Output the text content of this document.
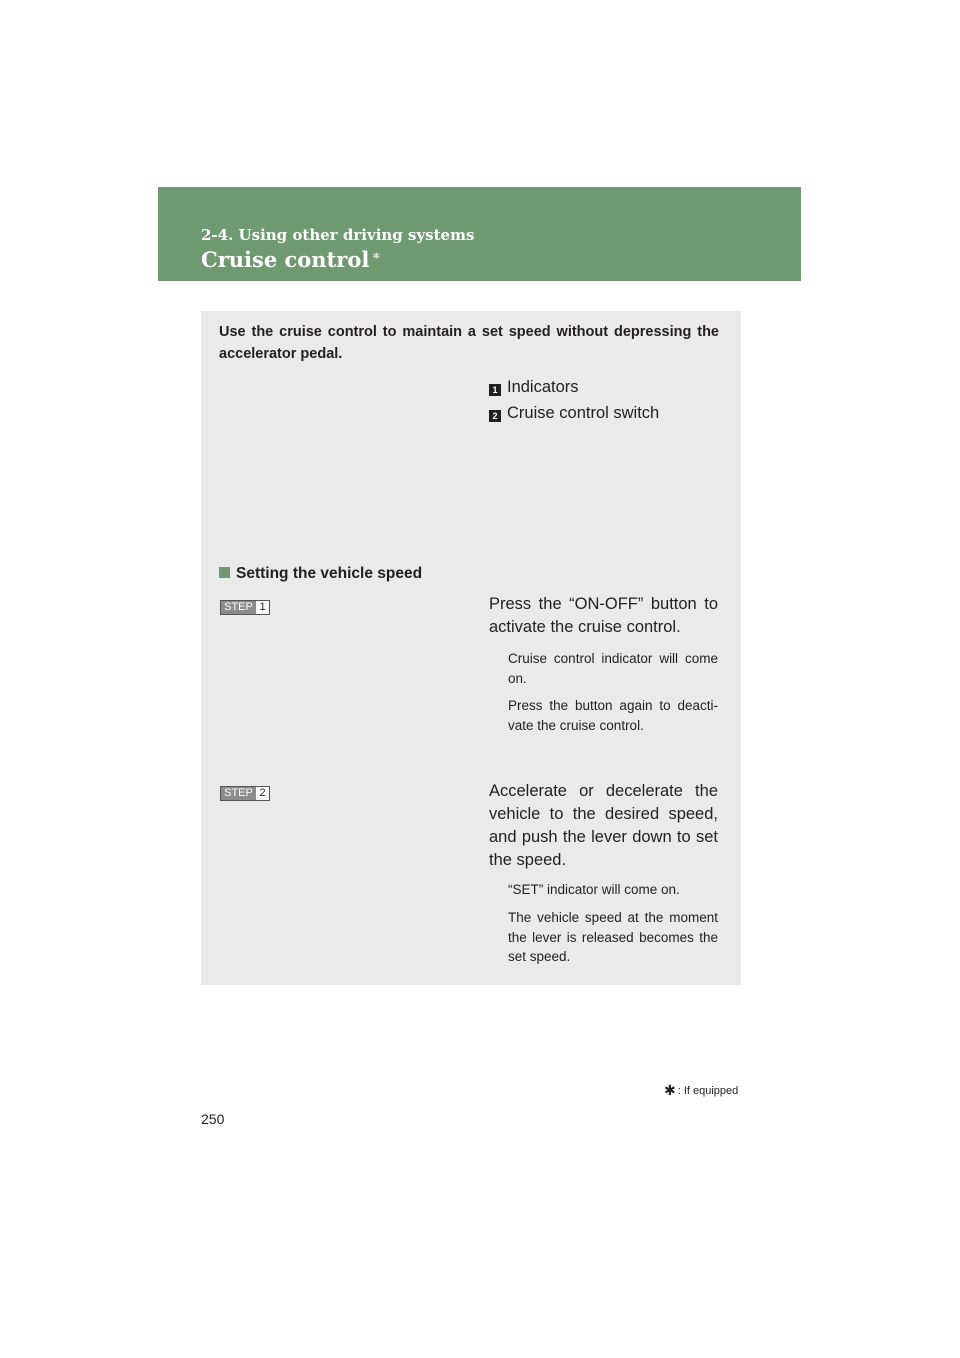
2-4. Using other driving systems
Cruise control ∗
Use the cruise control to maintain a set speed without depressing the accelerator pedal.
1 Indicators
2 Cruise control switch
Setting the vehicle speed
STEP 1	Press the “ON-OFF” button to activate the cruise control.
Cruise control indicator will come on.
Press the button again to deacti- vate the cruise control.
STEP 2	Accelerate or decelerate the vehicle to the desired speed, and push the lever down to set the speed.
“SET” indicator will come on.
The vehicle speed at the moment the lever is released becomes the set speed.
✱ : If equipped
250
